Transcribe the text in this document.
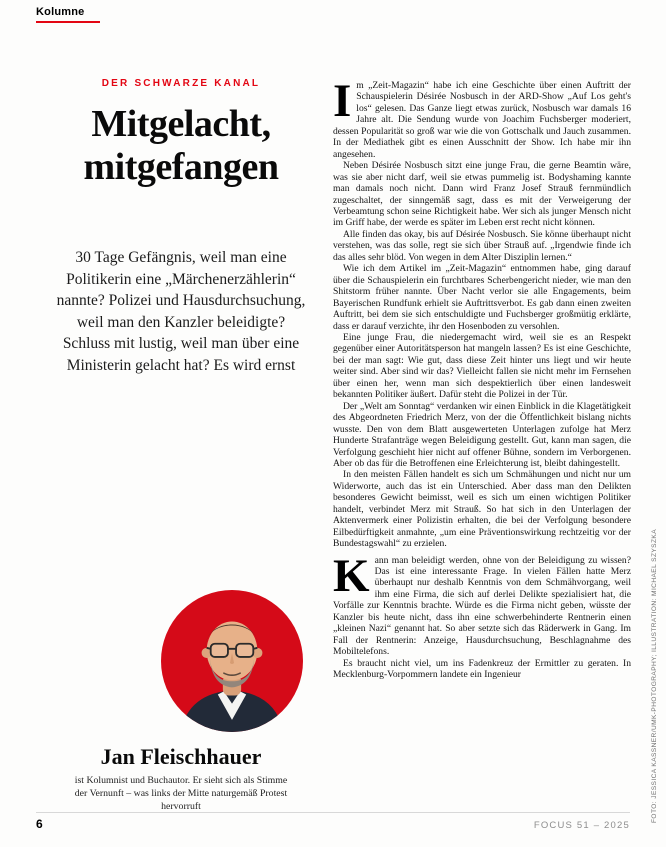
Kolumne
DER SCHWARZE KANAL
Mitgelacht,
mitgefangen
30 Tage Gefängnis, weil man eine Politikerin eine „Märchenerzählerin“ nannte? Polizei und Hausdurchsuchung, weil man den Kanzler beleidigte? Schluss mit lustig, weil man über eine Ministerin gelacht hat? Es wird ernst
Jan Fleischhauer
ist Kolumnist und Buchautor. Er sieht sich als Stimme der Vernunft – was links der Mitte naturgemäß Protest hervorruft

Im „Zeit-Magazin“ habe ich eine Geschichte über einen Auftritt der Schauspielerin Désirée Nosbusch in der ARD-Show „Auf Los geht's los“ gelesen. Das Ganze liegt etwas zurück, Nosbusch war damals 16 Jahre alt. Die Sendung wurde von Joachim Fuchsberger moderiert, dessen Popularität so groß war wie die von Gottschalk und Jauch zusammen. In der Mediathek gibt es einen Ausschnitt der Show. Ich habe mir ihn angesehen.

Neben Désirée Nosbusch sitzt eine junge Frau, die gerne Beamtin wäre, was sie aber nicht darf, weil sie etwas pummelig ist. Bodyshaming kannte man damals noch nicht. Dann wird Franz Josef Strauß fernmündlich zugeschaltet, der sinngemäß sagt, dass es mit der Verweigerung der Verbeamtung schon seine Richtigkeit habe. Wer sich als junger Mensch nicht im Griff habe, der werde es später im Leben erst recht nicht können.

Alle finden das okay, bis auf Désirée Nosbusch. Sie könne überhaupt nicht verstehen, was das solle, regt sie sich über Strauß auf. „Irgendwie finde ich das alles sehr blöd. Von wegen in dem Alter Disziplin lernen.“

Wie ich dem Artikel im „Zeit-Magazin“ entnommen habe, ging darauf über die Schauspielerin ein furchtbares Scherbengericht nieder, wie man den Shitstorm früher nannte. Über Nacht verlor sie alle Engagements, beim Bayerischen Rundfunk erhielt sie Auftrittsverbot. Es gab dann einen zweiten Auftritt, bei dem sie sich entschuldigte und Fuchsberger großmütig erklärte, dass er darauf verzichte, ihr den Hosenboden zu versohlen.

Eine junge Frau, die niedergemacht wird, weil sie es an Respekt gegenüber einer Autoritätsperson hat mangeln lassen? Es ist eine Geschichte, bei der man sagt: Wie gut, dass diese Zeit hinter uns liegt und wir heute weiter sind. Aber sind wir das? Vielleicht fallen sie nicht mehr im Fernsehen über einen her, wenn man sich despektierlich über einen landesweit bekannten Politiker äußert. Dafür steht die Polizei in der Tür.

Der „Welt am Sonntag“ verdanken wir einen Einblick in die Klagetätigkeit des Abgeordneten Friedrich Merz, von der die Öffentlichkeit bislang nichts wusste. Den von dem Blatt ausgewerteten Unterlagen zufolge hat Merz Hunderte Strafanträge wegen Beleidigung gestellt. Gut, kann man sagen, die Verfolgung geschieht hier nicht auf offener Bühne, sondern im Verborgenen. Aber ob das für die Betroffenen eine Erleichterung ist, bleibt dahingestellt.

In den meisten Fällen handelt es sich um Schmähungen und nicht nur um Widerworte, auch das ist ein Unterschied. Aber dass man den Delikten besonderes Gewicht beimisst, weil es sich um einen wichtigen Politiker handelt, verbindet Merz mit Strauß. So hat sich in den Unterlagen der Aktenvermerk einer Polizistin erhalten, die bei der Verfolgung besondere Eilbedürftigkeit anmahnte, „um eine Präventionswirkung rechtzeitig vor der Bundestagswahl“ zu erzielen.

Kann man beleidigt werden, ohne von der Beleidigung zu wissen? Das ist eine interessante Frage. In vielen Fällen hatte Merz überhaupt nur deshalb Kenntnis von dem Schmähvorgang, weil ihm eine Firma, die sich auf derlei Delikte spezialisiert hat, die Vorfälle zur Kenntnis brachte. Würde es die Firma nicht geben, wüsste der Kanzler bis heute nicht, dass ihn eine schwerbehinderte Rentnerin einen „kleinen Nazi“ genannt hat. So aber setzte sich das Räderwerk in Gang. Im Fall der Rentnerin: Anzeige, Hausdurchsuchung, Beschlagnahme des Mobiltelefons.

Es braucht nicht viel, um ins Fadenkreuz der Ermittler zu geraten. In Mecklenburg-Vorpommern landete ein Ingenieur	FOTO: JESSICA KASSNER/UMK-PHOTOGRAPHY; ILLUSTRATION: MICHAEL SZYSZKA
6	FOCUS 51 – 2025
